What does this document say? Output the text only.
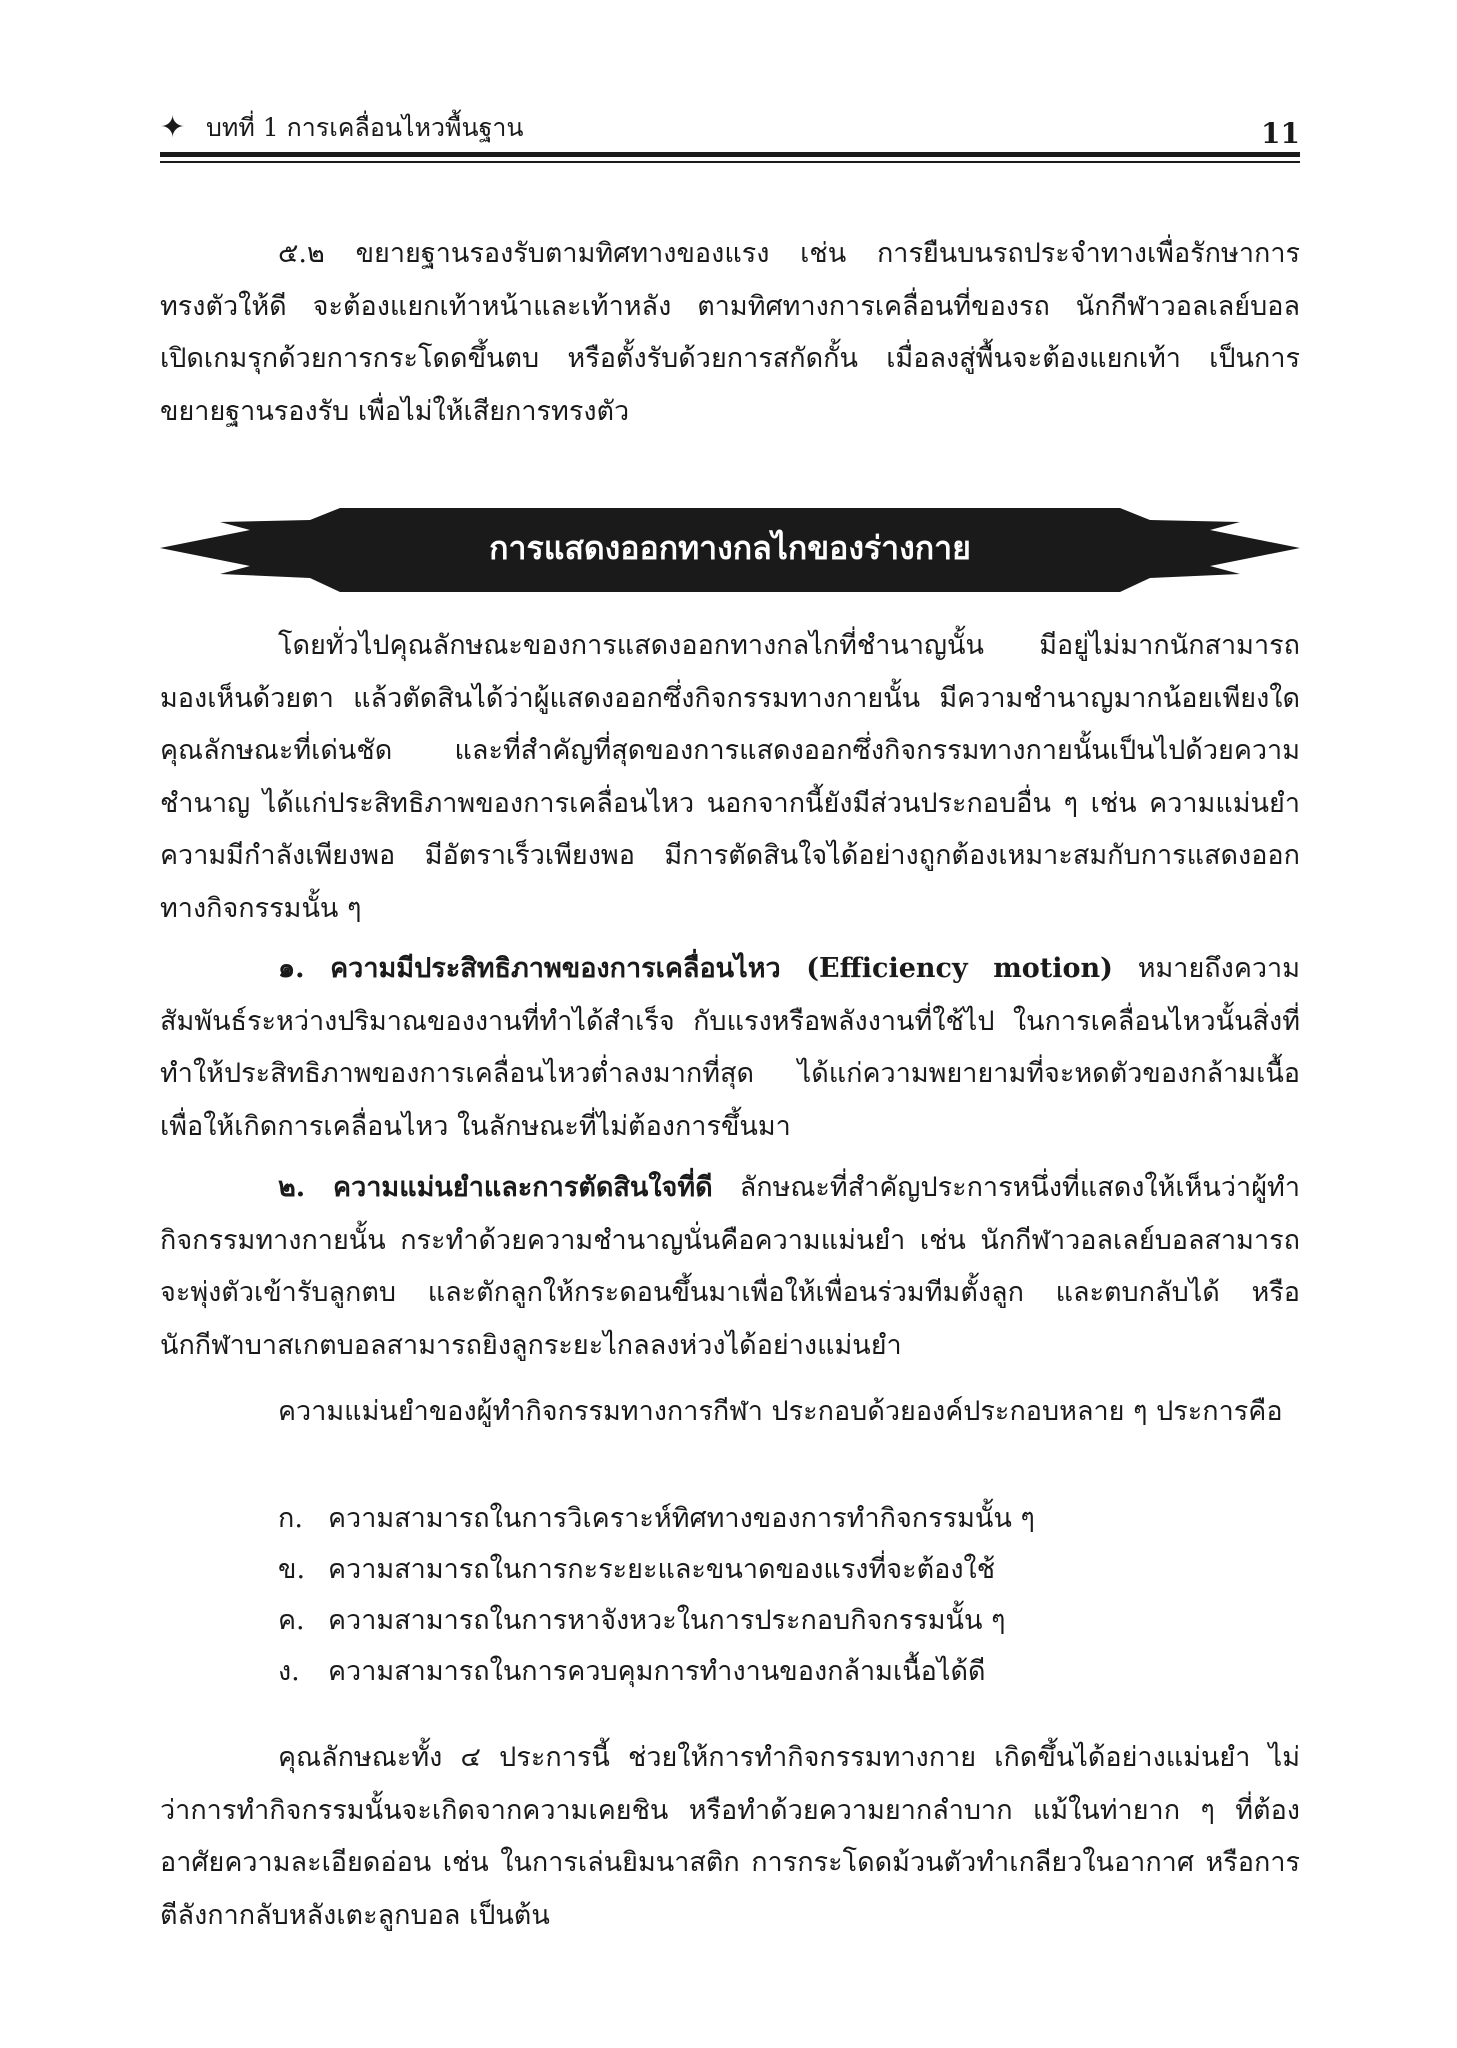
✦ บทที่ 1 การเคลื่อนไหวพื้นฐาน	11

๕.๒ ขยายฐานรองรับตามทิศทางของแรง เช่น การยืนบนรถประจำทางเพื่อรักษาการทรงตัวให้ดี จะต้องแยกเท้าหน้าและเท้าหลัง ตามทิศทางการเคลื่อนที่ของรถ นักกีฬาวอลเลย์บอล เปิดเกมรุกด้วยการกระโดดขึ้นตบ หรือตั้งรับด้วยการสกัดกั้น เมื่อลงสู่พื้นจะต้องแยกเท้า เป็นการขยายฐานรองรับ เพื่อไม่ให้เสียการทรงตัว

การแสดงออกทางกลไกของร่างกาย

โดยทั่วไปคุณลักษณะของการแสดงออกทางกลไกที่ชำนาญนั้น มีอยู่ไม่มากนักสามารถมองเห็นด้วยตา แล้วตัดสินได้ว่าผู้แสดงออกซึ่งกิจกรรมทางกายนั้น มีความชำนาญมากน้อยเพียงใด คุณลักษณะที่เด่นชัด และที่สำคัญที่สุดของการแสดงออกซึ่งกิจกรรมทางกายนั้นเป็นไปด้วยความชำนาญ ได้แก่ประสิทธิภาพของการเคลื่อนไหว นอกจากนี้ยังมีส่วนประกอบอื่น ๆ เช่น ความแม่นยำ ความมีกำลังเพียงพอ มีอัตราเร็วเพียงพอ มีการตัดสินใจได้อย่างถูกต้องเหมาะสมกับการแสดงออกทางกิจกรรมนั้น ๆ

๑. ความมีประสิทธิภาพของการเคลื่อนไหว (Efficiency motion) หมายถึงความสัมพันธ์ระหว่างปริมาณของงานที่ทำได้สำเร็จ กับแรงหรือพลังงานที่ใช้ไป ในการเคลื่อนไหวนั้นสิ่งที่ทำให้ประสิทธิภาพของการเคลื่อนไหวต่ำลงมากที่สุด ได้แก่ความพยายามที่จะหดตัวของกล้ามเนื้อเพื่อให้เกิดการเคลื่อนไหว ในลักษณะที่ไม่ต้องการขึ้นมา

๒. ความแม่นยำและการตัดสินใจที่ดี ลักษณะที่สำคัญประการหนึ่งที่แสดงให้เห็นว่าผู้ทำกิจกรรมทางกายนั้น กระทำด้วยความชำนาญนั่นคือความแม่นยำ เช่น นักกีฬาวอลเลย์บอลสามารถจะพุ่งตัวเข้ารับลูกตบ และตักลูกให้กระดอนขึ้นมาเพื่อให้เพื่อนร่วมทีมตั้งลูก และตบกลับได้ หรือนักกีฬาบาสเกตบอลสามารถยิงลูกระยะไกลลงห่วงได้อย่างแม่นยำ

ความแม่นยำของผู้ทำกิจกรรมทางการกีฬา ประกอบด้วยองค์ประกอบหลาย ๆ ประการคือ

ก. ความสามารถในการวิเคราะห์ทิศทางของการทำกิจกรรมนั้น ๆ
ข. ความสามารถในการกะระยะและขนาดของแรงที่จะต้องใช้
ค. ความสามารถในการหาจังหวะในการประกอบกิจกรรมนั้น ๆ
ง. ความสามารถในการควบคุมการทำงานของกล้ามเนื้อได้ดี

คุณลักษณะทั้ง ๔ ประการนี้ ช่วยให้การทำกิจกรรมทางกาย เกิดขึ้นได้อย่างแม่นยำ ไม่ว่าการทำกิจกรรมนั้นจะเกิดจากความเคยชิน หรือทำด้วยความยากลำบาก แม้ในท่ายาก ๆ ที่ต้องอาศัยความละเอียดอ่อน เช่น ในการเล่นยิมนาสติก การกระโดดม้วนตัวทำเกลียวในอากาศ หรือการตีลังกากลับหลังเตะลูกบอล เป็นต้น
